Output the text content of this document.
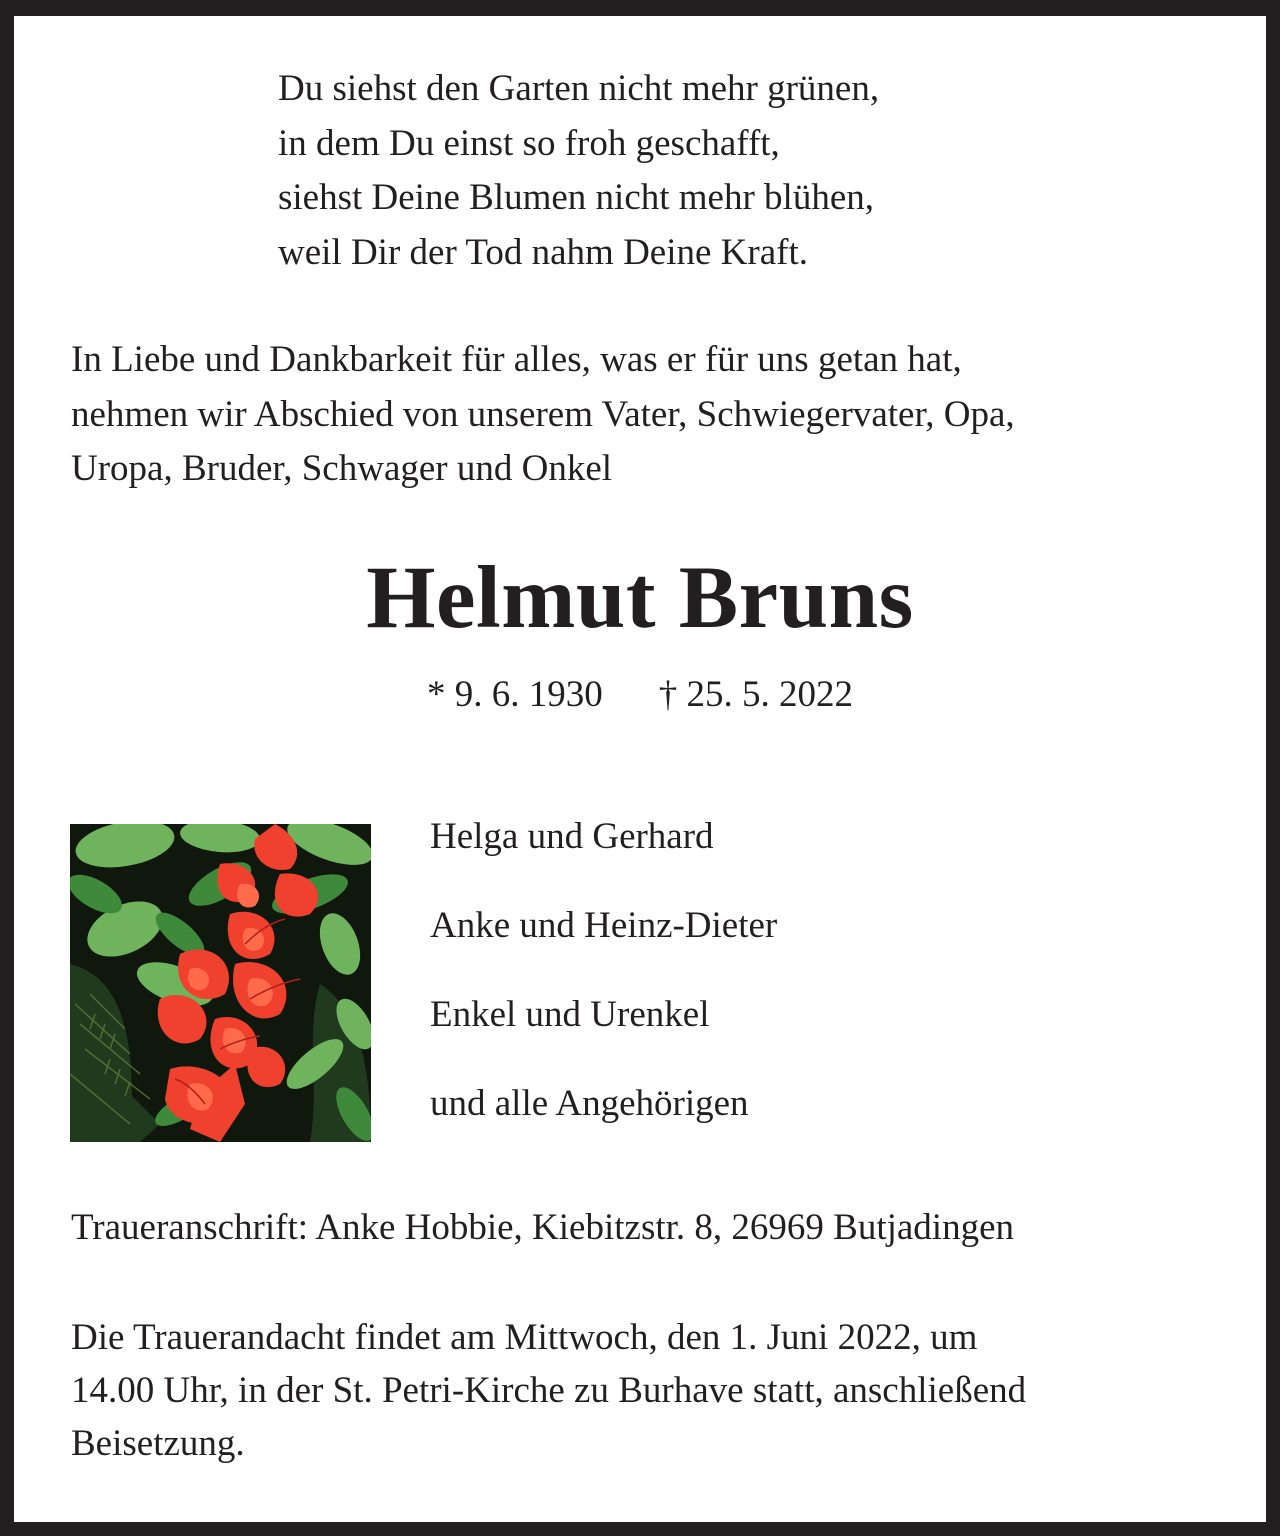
Du siehst den Garten nicht mehr grünen,
in dem Du einst so froh geschafft,
siehst Deine Blumen nicht mehr blühen,
weil Dir der Tod nahm Deine Kraft.
In Liebe und Dankbarkeit für alles, was er für uns getan hat,
nehmen wir Abschied von unserem Vater, Schwiegervater, Opa,
Uropa, Bruder, Schwager und Onkel
Helmut Bruns
* 9. 6. 1930 † 25. 5. 2022
Helga und Gerhard
Anke und Heinz-Dieter
Enkel und Urenkel
und alle Angehörigen
Traueranschrift: Anke Hobbie, Kiebitzstr. 8, 26969 Butjadingen
Die Trauerandacht findet am Mittwoch, den 1. Juni 2022, um
14.00 Uhr, in der St. Petri-Kirche zu Burhave statt, anschließend
Beisetzung.
